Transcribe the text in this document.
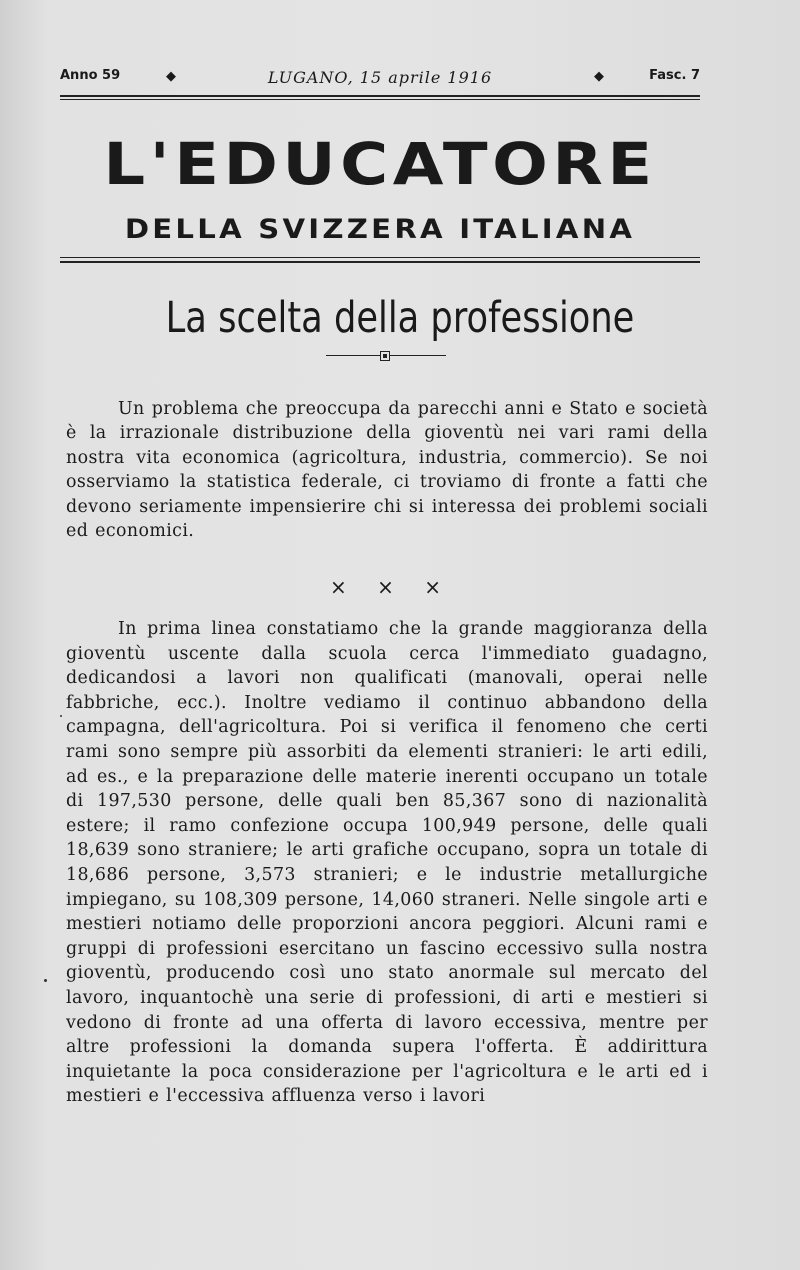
Anno 59	◆	LUGANO, 15 aprile 1916	◆	Fasc. 7
L'EDUCATORE
DELLA SVIZZERA ITALIANA
La scelta della professione
Un problema che preoccupa da parecchi anni e Stato e società è la irrazionale distribuzione della gioventù nei vari rami della nostra vita economica (agricoltura, industria, commercio). Se noi osserviamo la statistica federale, ci troviamo di fronte a fatti che devono seriamente impensierire chi si interessa dei problemi sociali ed economici.
× × ×
In prima linea constatiamo che la grande maggioranza della gioventù uscente dalla scuola cerca l'immediato guadagno, dedicandosi a lavori non qualificati (manovali, operai nelle fabbriche, ecc.). Inoltre vediamo il continuo abbandono della campagna, dell'agricoltura. Poi si verifica il fenomeno che certi rami sono sempre più assorbiti da elementi stranieri: le arti edili, ad es., e la preparazione delle materie inerenti occupano un totale di 197,530 persone, delle quali ben 85,367 sono di nazionalità estere; il ramo confezione occupa 100,949 persone, delle quali 18,639 sono straniere; le arti grafiche occupano, sopra un totale di 18,686 persone, 3,573 stranieri; e le industrie metallurgiche impiegano, su 108,309 persone, 14,060 straneri. Nelle singole arti e mestieri notiamo delle proporzioni ancora peggiori. Alcuni rami e gruppi di professioni esercitano un fascino eccessivo sulla nostra gioventù, producendo così uno stato anormale sul mercato del lavoro, inquantochè una serie di professioni, di arti e mestieri si vedono di fronte ad una offerta di lavoro eccessiva, mentre per altre professioni la domanda supera l'offerta. È addirittura inquietante la poca considerazione per l'agricoltura e le arti ed i mestieri e l'eccessiva affluenza verso i lavori
